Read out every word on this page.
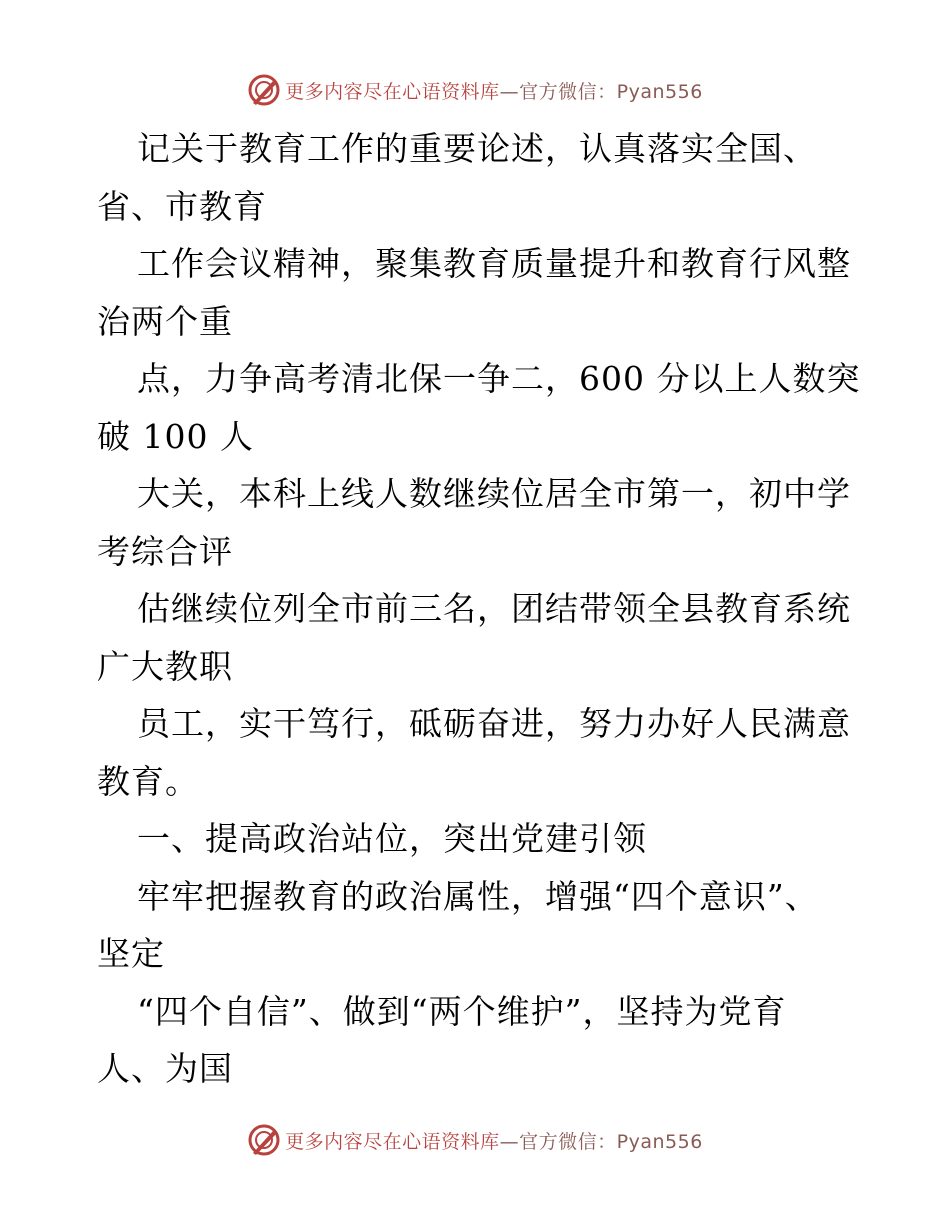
更多内容尽在心语资料库—官方微信：Pyan556
记关于教育工作的重要论述，认真落实全国、
省、市教育
工作会议精神，聚集教育质量提升和教育行风整
治两个重
点，力争高考清北保一争二，600 分以上人数突
破 100 人
大关，本科上线人数继续位居全市第一，初中学
考综合评
估继续位列全市前三名，团结带领全县教育系统
广大教职
员工，实干笃行，砥砺奋进，努力办好人民满意
教育。
一、提高政治站位，突出党建引领
牢牢把握教育的政治属性，增强“四个意识”、
坚定
“四个自信”、做到“两个维护”，坚持为党育
人、为国
更多内容尽在心语资料库—官方微信：Pyan556
